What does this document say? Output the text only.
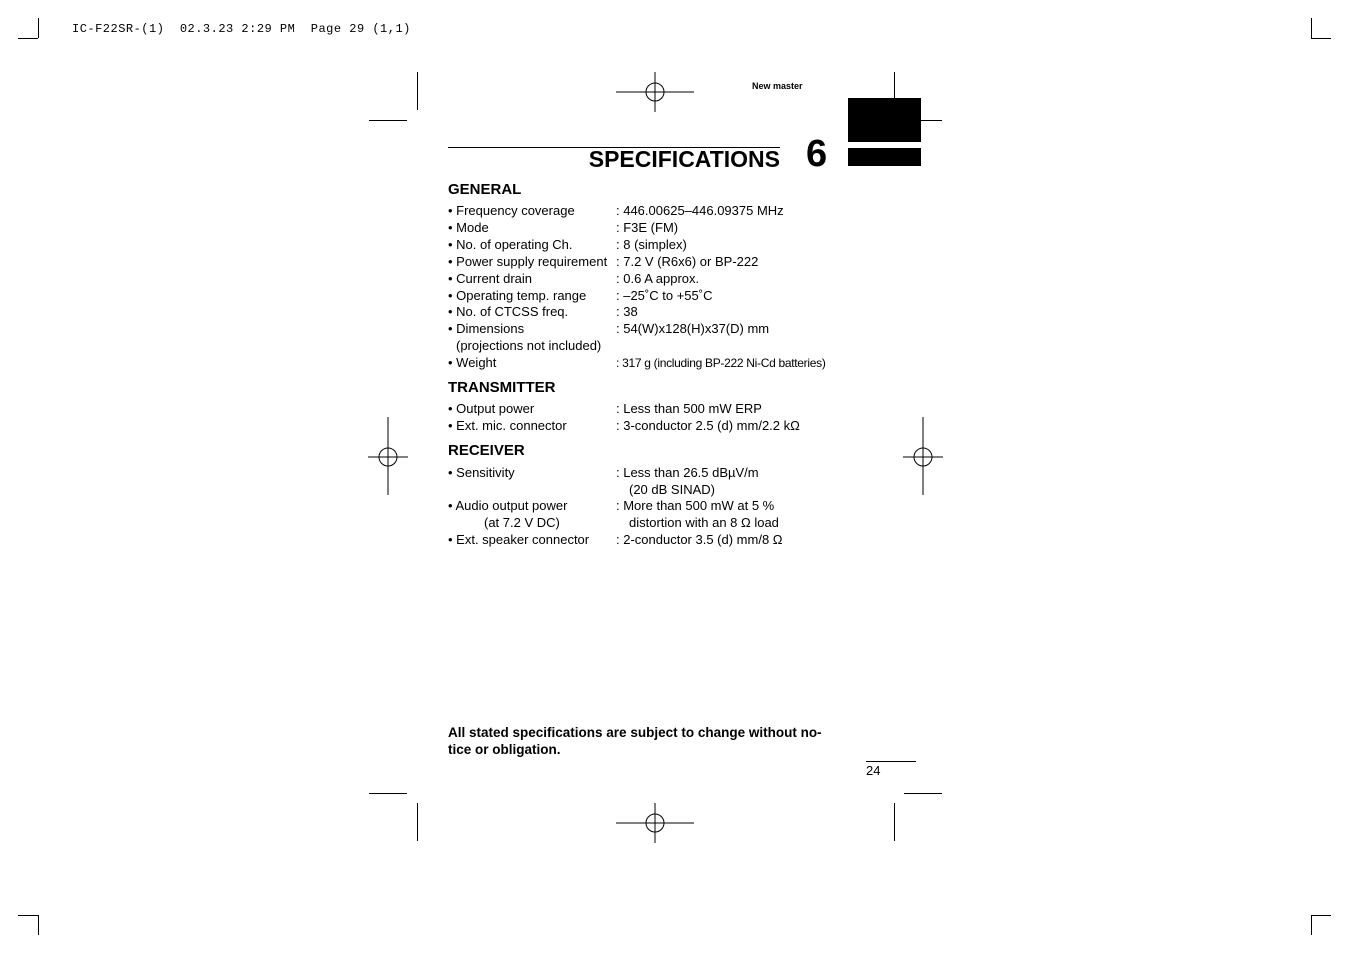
IC-F22SR-(1)  02.3.23 2:29 PM  Page 29 (1,1)
New master
SPECIFICATIONS 6
GENERAL
• Frequency coverage	: 446.00625–446.09375 MHz
• Mode	: F3E (FM)
• No. of operating Ch.	: 8 (simplex)
• Power supply requirement : 7.2 V (R6x6) or BP-222
• Current drain	: 0.6 A approx.
• Operating temp. range : –25˚C to +55˚C
• No. of CTCSS freq.	: 38
• Dimensions	: 54(W)x128(H)x37(D) mm
(projections not included)
• Weight	: 317 g (including BP-222 Ni-Cd batteries)
TRANSMITTER
• Output power	: Less than 500 mW ERP
• Ext. mic. connector	: 3-conductor 2.5 (d) mm/2.2 kΩ
RECEIVER
• Sensitivity	: Less than 26.5 dBµV/m
(20 dB SINAD)
• Audio output power	: More than 500 mW at 5 %
(at 7.2 V DC)	distortion with an 8 Ω load
• Ext. speaker connector : 2-conductor 3.5 (d) mm/8 Ω
All stated specifications are subject to change without no-
tice or obligation.
24
